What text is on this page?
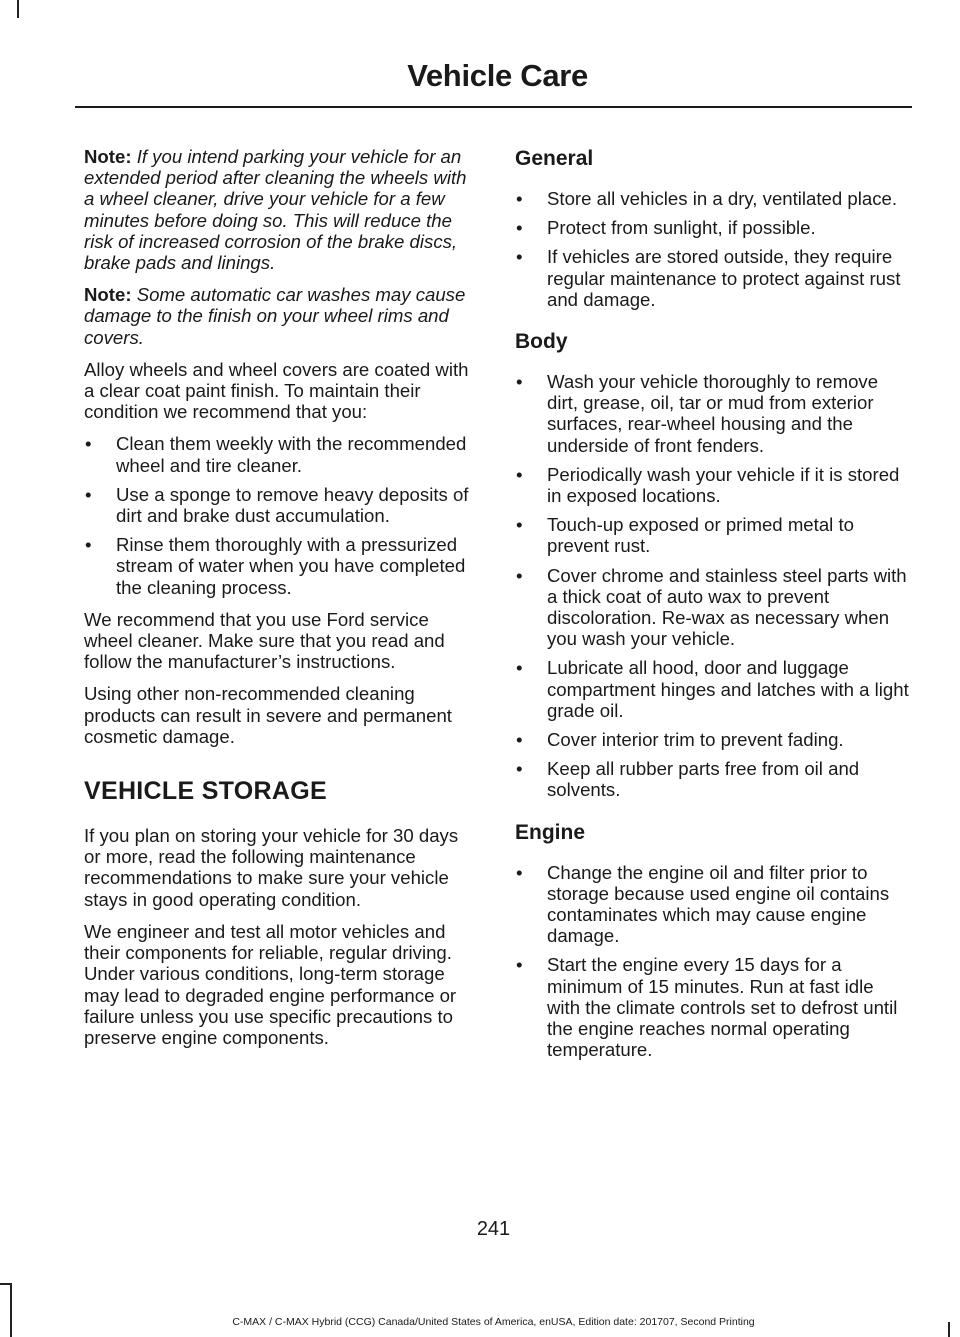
Vehicle Care

Note: If you intend parking your vehicle for an extended period after cleaning the wheels with a wheel cleaner, drive your vehicle for a few minutes before doing so. This will reduce the risk of increased corrosion of the brake discs, brake pads and linings.

Note: Some automatic car washes may cause damage to the finish on your wheel rims and covers.

Alloy wheels and wheel covers are coated with a clear coat paint finish. To maintain their condition we recommend that you:

• Clean them weekly with the recommended wheel and tire cleaner.
• Use a sponge to remove heavy deposits of dirt and brake dust accumulation.
• Rinse them thoroughly with a pressurized stream of water when you have completed the cleaning process.

We recommend that you use Ford service wheel cleaner. Make sure that you read and follow the manufacturer’s instructions.

Using other non-recommended cleaning products can result in severe and permanent cosmetic damage.

VEHICLE STORAGE

If you plan on storing your vehicle for 30 days or more, read the following maintenance recommendations to make sure your vehicle stays in good operating condition.

We engineer and test all motor vehicles and their components for reliable, regular driving. Under various conditions, long-term storage may lead to degraded engine performance or failure unless you use specific precautions to preserve engine components.

General
• Store all vehicles in a dry, ventilated place.
• Protect from sunlight, if possible.
• If vehicles are stored outside, they require regular maintenance to protect against rust and damage.
Body
• Wash your vehicle thoroughly to remove dirt, grease, oil, tar or mud from exterior surfaces, rear-wheel housing and the underside of front fenders.
• Periodically wash your vehicle if it is stored in exposed locations.
• Touch-up exposed or primed metal to prevent rust.
• Cover chrome and stainless steel parts with a thick coat of auto wax to prevent discoloration. Re-wax as necessary when you wash your vehicle.
• Lubricate all hood, door and luggage compartment hinges and latches with a light grade oil.
• Cover interior trim to prevent fading.
• Keep all rubber parts free from oil and solvents.
Engine
• Change the engine oil and filter prior to storage because used engine oil contains contaminates which may cause engine damage.
• Start the engine every 15 days for a minimum of 15 minutes. Run at fast idle with the climate controls set to defrost until the engine reaches normal operating temperature.
241
C-MAX / C-MAX Hybrid (CCG) Canada/United States of America, enUSA, Edition date: 201707, Second Printing
